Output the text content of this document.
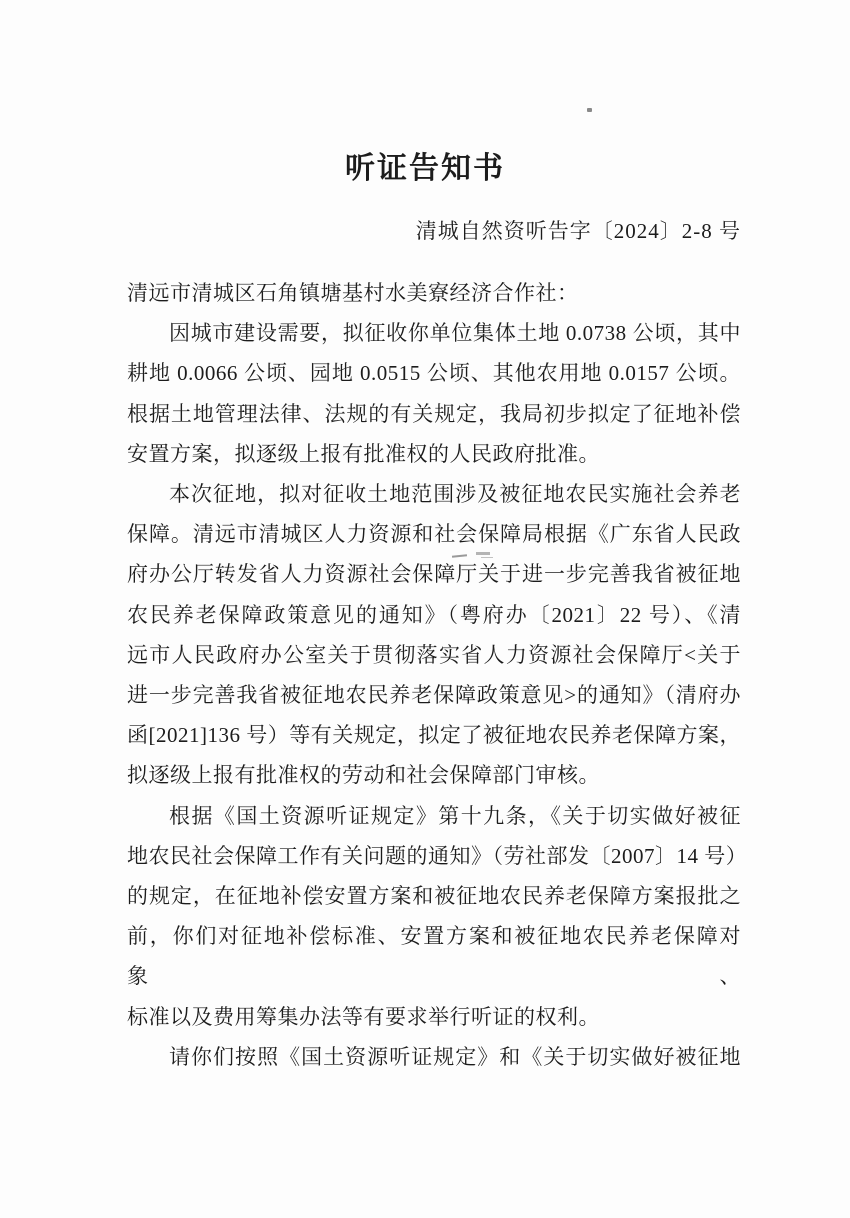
听证告知书
清城自然资听告字〔2024〕2-8 号
清远市清城区石角镇塘基村水美寮经济合作社：
因城市建设需要，拟征收你单位集体土地 0.0738 公顷，其中
耕地 0.0066 公顷、园地 0.0515 公顷、其他农用地 0.0157 公顷。
根据土地管理法律、法规的有关规定，我局初步拟定了征地补偿
安置方案，拟逐级上报有批准权的人民政府批准。
本次征地，拟对征收土地范围涉及被征地农民实施社会养老
保障。清远市清城区人力资源和社会保障局根据《广东省人民政
府办公厅转发省人力资源社会保障厅关于进一步完善我省被征地
农民养老保障政策意见的通知》（粤府办〔2021〕22 号）、《清
远市人民政府办公室关于贯彻落实省人力资源社会保障厅<关于
进一步完善我省被征地农民养老保障政策意见>的通知》（清府办
函[2021]136 号）等有关规定，拟定了被征地农民养老保障方案，
拟逐级上报有批准权的劳动和社会保障部门审核。
根据《国土资源听证规定》第十九条，《关于切实做好被征
地农民社会保障工作有关问题的通知》（劳社部发〔2007〕14 号）
的规定，在征地补偿安置方案和被征地农民养老保障方案报批之
前，你们对征地补偿标准、安置方案和被征地农民养老保障对象、
标准以及费用筹集办法等有要求举行听证的权利。
请你们按照《国土资源听证规定》和《关于切实做好被征地
